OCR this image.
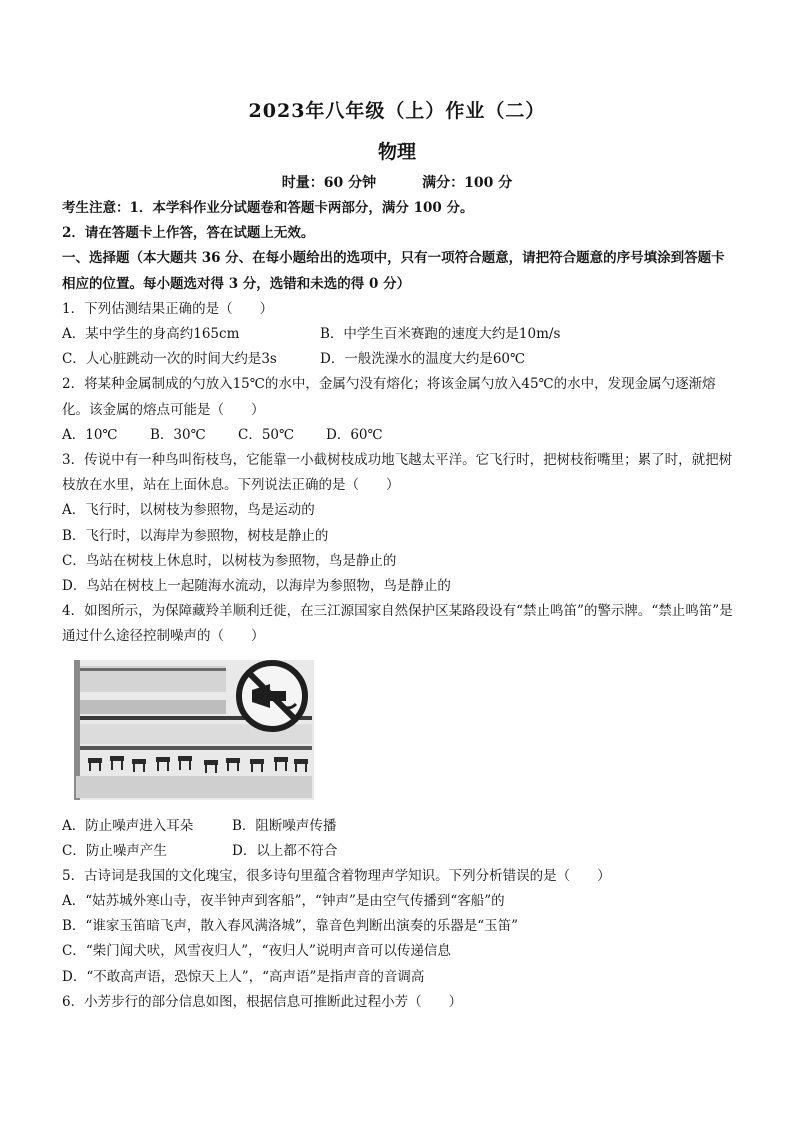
2023年八年级（上）作业（二）
物理
时量：60 分钟	满分：100 分
考生注意：1．本学科作业分试题卷和答题卡两部分，满分 100 分。
2．请在答题卡上作答，答在试题上无效。
一、选择题（本大题共 36 分、在每小题给出的选项中，只有一项符合题意，请把符合题意的序号填涂到答题卡相应的位置。每小题选对得 3 分，选错和未选的得 0 分）
1．下列估测结果正确的是（　　）
A．某中学生的身高约165cm	B．中学生百米赛跑的速度大约是10m/s
C．人心脏跳动一次的时间大约是3s	D．一般洗澡水的温度大约是60℃
2．将某种金属制成的勺放入15℃的水中，金属勺没有熔化；将该金属勺放入45℃的水中，发现金属勺逐渐熔化。该金属的熔点可能是（　　）
A．10℃ B．30℃ C．50℃ D．60℃
3．传说中有一种鸟叫衔枝鸟，它能靠一小截树枝成功地飞越太平洋。它飞行时，把树枝衔嘴里；累了时，就把树枝放在水里，站在上面休息。下列说法正确的是（　　）
A．飞行时，以树枝为参照物，鸟是运动的
B．飞行时，以海岸为参照物，树枝是静止的
C．鸟站在树枝上休息时，以树枝为参照物，鸟是静止的
D．鸟站在树枝上一起随海水流动，以海岸为参照物，鸟是静止的
4．如图所示，为保障藏羚羊顺利迁徙，在三江源国家自然保护区某路段设有“禁止鸣笛”的警示牌。“禁止鸣笛”是通过什么途径控制噪声的（　　）
A．防止噪声进入耳朵	B．阻断噪声传播
C．防止噪声产生	D．以上都不符合
5．古诗词是我国的文化瑰宝，很多诗句里蕴含着物理声学知识。下列分析错误的是（　　）
A．“姑苏城外寒山寺，夜半钟声到客船”，“钟声”是由空气传播到“客船”的
B．“谁家玉笛暗飞声，散入春风满洛城”，靠音色判断出演奏的乐器是“玉笛”
C．“柴门闻犬吠，风雪夜归人”，“夜归人”说明声音可以传递信息
D．“不敢高声语，恐惊天上人”，“高声语”是指声音的音调高
6．小芳步行的部分信息如图，根据信息可推断此过程小芳（　　）
